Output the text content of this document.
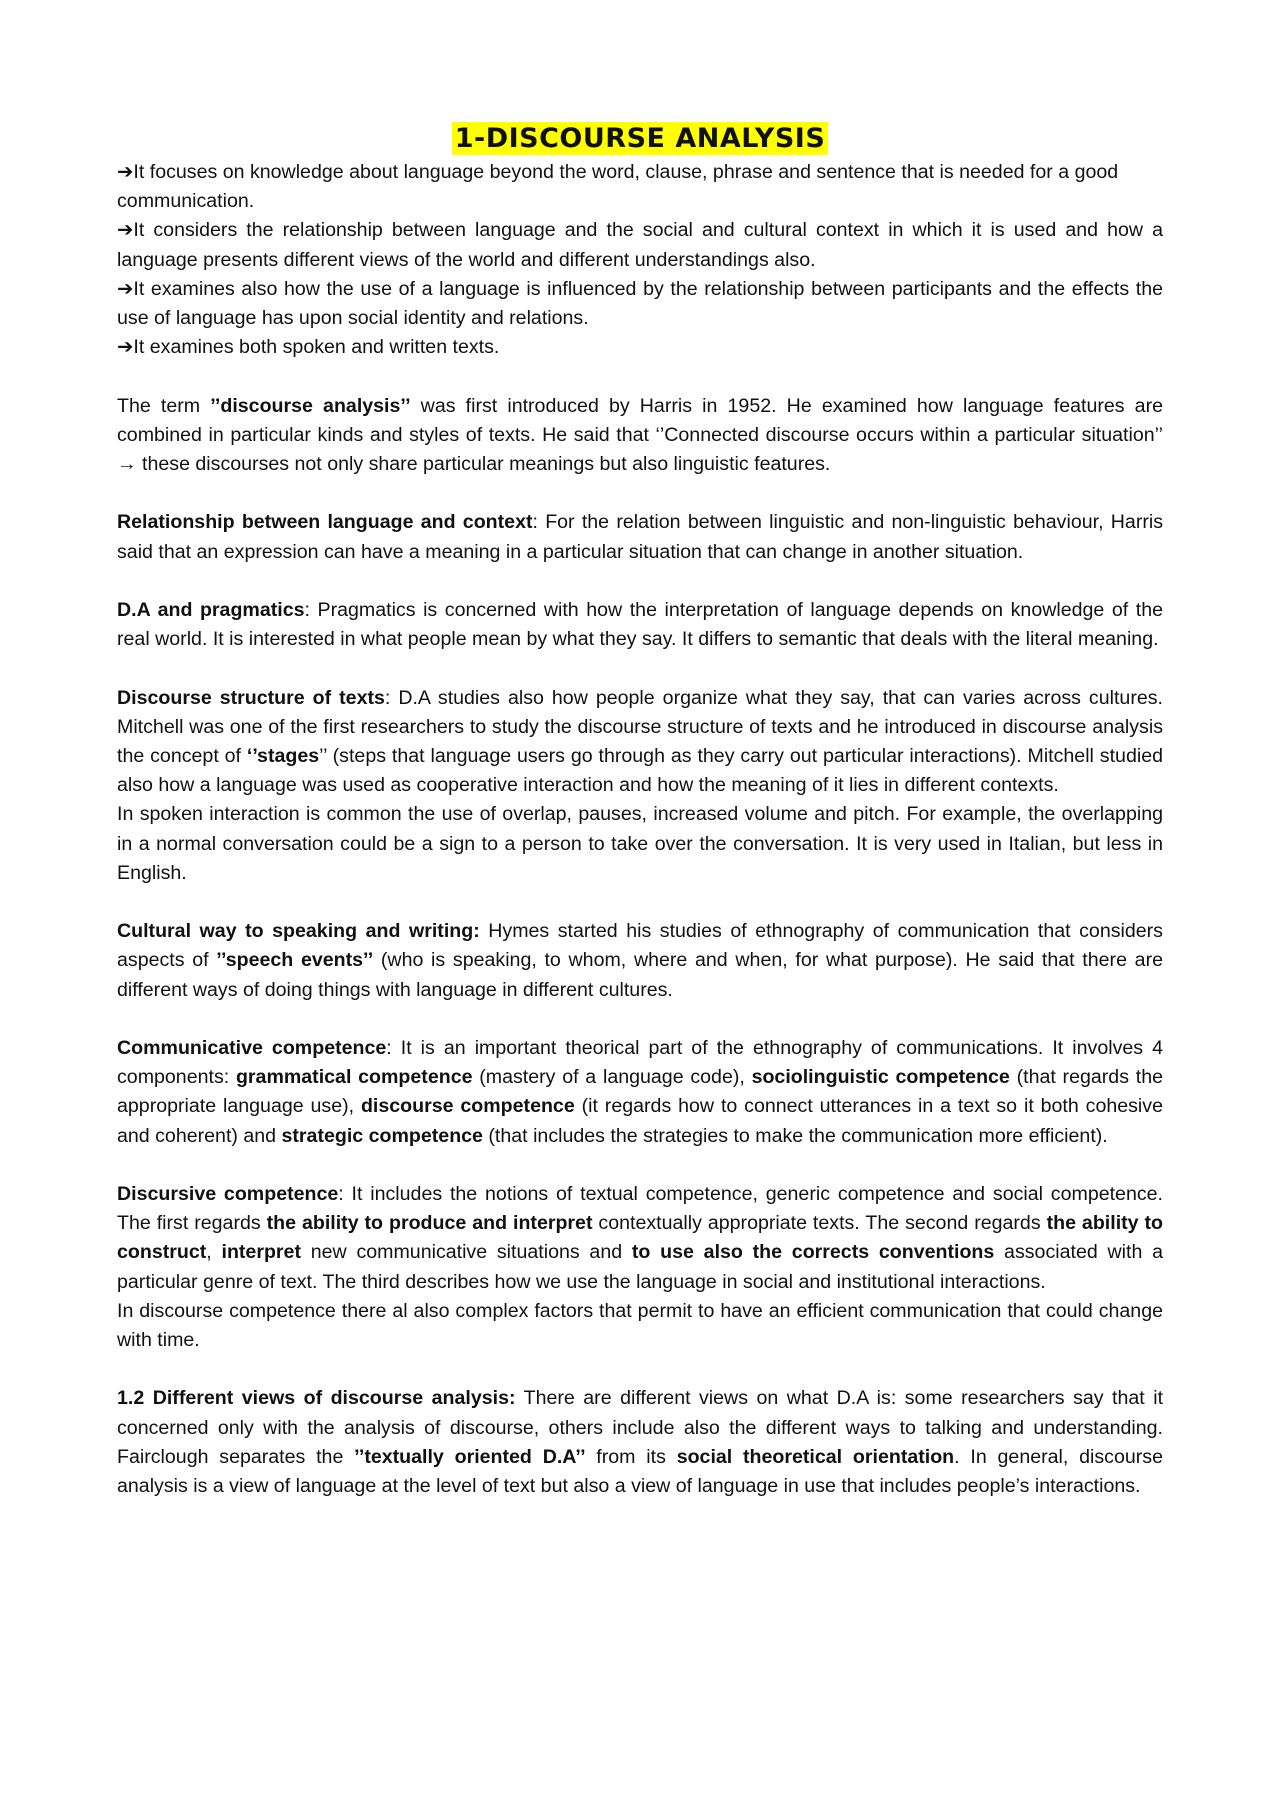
1-DISCOURSE ANALYSIS

➔It focuses on knowledge about language beyond the word, clause, phrase and sentence that is needed for a good communication.

➔It considers the relationship between language and the social and cultural context in which it is used and how a language presents different views of the world and different understandings also.

➔It examines also how the use of a language is influenced by the relationship between participants and the effects the use of language has upon social identity and relations.

➔It examines both spoken and written texts.

The term ’’discourse analysis’’ was first introduced by Harris in 1952. He examined how language features are combined in particular kinds and styles of texts. He said that ‘’Connected discourse occurs within a particular situation’’ → these discourses not only share particular meanings but also linguistic features.

Relationship between language and context: For the relation between linguistic and non-linguistic behaviour, Harris said that an expression can have a meaning in a particular situation that can change in another situation.

D.A and pragmatics: Pragmatics is concerned with how the interpretation of language depends on knowledge of the real world. It is interested in what people mean by what they say. It differs to semantic that deals with the literal meaning.

Discourse structure of texts: D.A studies also how people organize what they say, that can varies across cultures. Mitchell was one of the first researchers to study the discourse structure of texts and he introduced in discourse analysis the concept of ‘’stages’’ (steps that language users go through as they carry out particular interactions). Mitchell studied also how a language was used as cooperative interaction and how the meaning of it lies in different contexts.

In spoken interaction is common the use of overlap, pauses, increased volume and pitch. For example, the overlapping in a normal conversation could be a sign to a person to take over the conversation. It is very used in Italian, but less in English.

Cultural way to speaking and writing: Hymes started his studies of ethnography of communication that considers aspects of ’’speech events’’ (who is speaking, to whom, where and when, for what purpose). He said that there are different ways of doing things with language in different cultures.

Communicative competence: It is an important theorical part of the ethnography of communications. It involves 4 components: grammatical competence (mastery of a language code), sociolinguistic competence (that regards the appropriate language use), discourse competence (it regards how to connect utterances in a text so it both cohesive and coherent) and strategic competence (that includes the strategies to make the communication more efficient).

Discursive competence: It includes the notions of textual competence, generic competence and social competence. The first regards the ability to produce and interpret contextually appropriate texts. The second regards the ability to construct, interpret new communicative situations and to use also the corrects conventions associated with a particular genre of text. The third describes how we use the language in social and institutional interactions.

In discourse competence there al also complex factors that permit to have an efficient communication that could change with time.

1.2 Different views of discourse analysis: There are different views on what D.A is: some researchers say that it concerned only with the analysis of discourse, others include also the different ways to talking and understanding. Fairclough separates the ’’textually oriented D.A’’ from its social theoretical orientation. In general, discourse analysis is a view of language at the level of text but also a view of language in use that includes people’s interactions.
